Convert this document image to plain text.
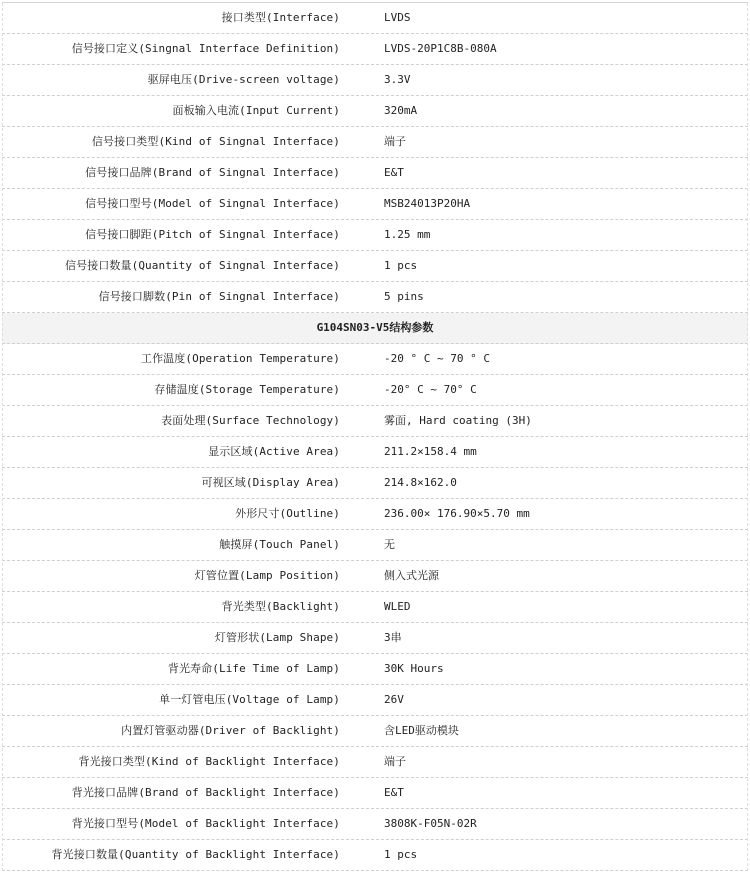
接口类型(Interface)	LVDS
信号接口定义(Singnal Interface Definition)	LVDS-20P1C8B-080A
驱屏电压(Drive-screen voltage)	3.3V
面板输入电流(Input Current)	320mA
信号接口类型(Kind of Singnal Interface)	端子
信号接口品牌(Brand of Singnal Interface)	E&T
信号接口型号(Model of Singnal Interface)	MSB24013P20HA
信号接口脚距(Pitch of Singnal Interface)	1.25 mm
信号接口数量(Quantity of Singnal Interface)	1 pcs
信号接口脚数(Pin of Singnal Interface)	5 pins
G104SN03-V5结构参数
工作温度(Operation Temperature)	-20 ° C ~ 70 ° C
存储温度(Storage Temperature)	-20° C ~ 70° C
表面处理(Surface Technology)	雾面, Hard coating (3H)
显示区域(Active Area)	211.2×158.4 mm
可视区域(Display Area)	214.8×162.0
外形尺寸(Outline)	236.00× 176.90×5.70 mm
触摸屏(Touch Panel)	无
灯管位置(Lamp Position)	侧入式光源
背光类型(Backlight)	WLED
灯管形状(Lamp Shape)	3串
背光寿命(Life Time of Lamp)	30K Hours
单一灯管电压(Voltage of Lamp)	26V
内置灯管驱动器(Driver of Backlight)	含LED驱动模块
背光接口类型(Kind of Backlight Interface)	端子
背光接口品牌(Brand of Backlight Interface)	E&T
背光接口型号(Model of Backlight Interface)	3808K-F05N-02R
背光接口数量(Quantity of Backlight Interface)	1 pcs
